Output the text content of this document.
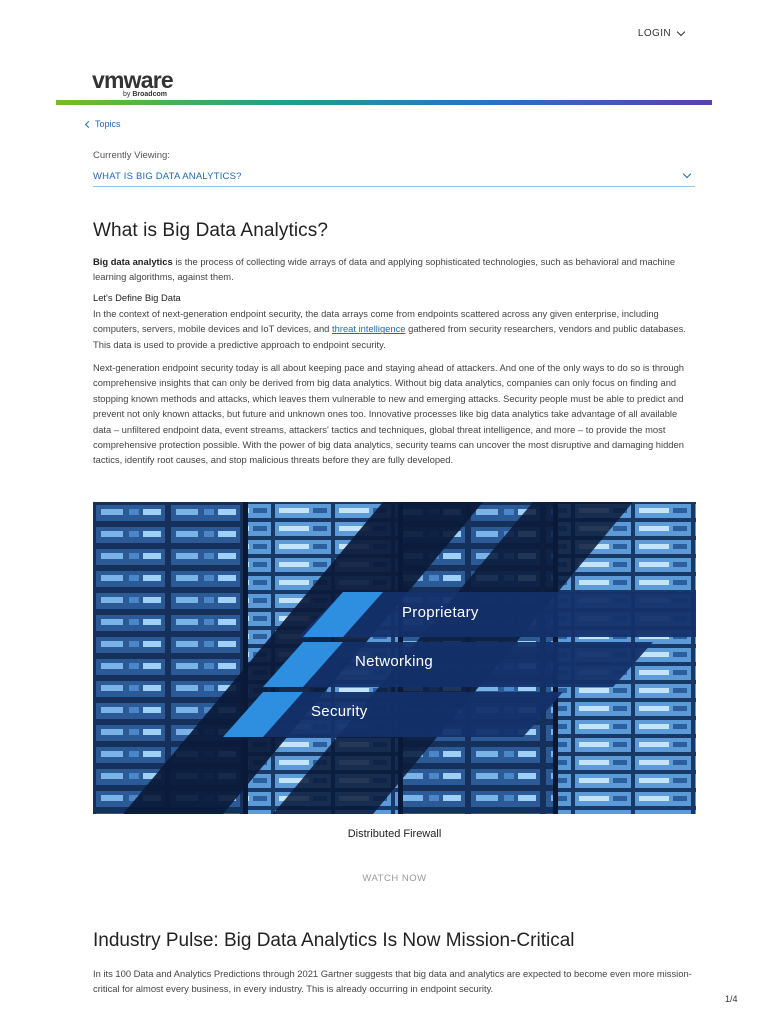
LOGIN
vmware
by Broadcom
Topics
Currently Viewing:
WHAT IS BIG DATA ANALYTICS?
What is Big Data Analytics?

Big data analytics is the process of collecting wide arrays of data and applying sophisticated technologies, such as behavioral and machine learning algorithms, against them.

Let's Define Big Data

In the context of next-generation endpoint security, the data arrays come from endpoints scattered across any given enterprise, including computers, servers, mobile devices and IoT devices, and threat intelligence gathered from security researchers, vendors and public databases. This data is used to provide a predictive approach to endpoint security.

Next-generation endpoint security today is all about keeping pace and staying ahead of attackers. And one of the only ways to do so is through comprehensive insights that can only be derived from big data analytics. Without big data analytics, companies can only focus on finding and stopping known methods and attacks, which leaves them vulnerable to new and emerging attacks. Security people must be able to predict and prevent not only known attacks, but future and unknown ones too. Innovative processes like big data analytics take advantage of all available data – unfiltered endpoint data, event streams, attackers' tactics and techniques, global threat intelligence, and more – to provide the most comprehensive protection possible. With the power of big data analytics, security teams can uncover the most disruptive and damaging hidden tactics, identify root causes, and stop malicious threats before they are fully developed.

Proprietary
Networking
Security
Distributed Firewall
WATCH NOW
Industry Pulse: Big Data Analytics Is Now Mission-Critical

In its 100 Data and Analytics Predictions through 2021 Gartner suggests that big data and analytics are expected to become even more mission-critical for almost every business, in every industry. This is already occurring in endpoint security.

1/4
